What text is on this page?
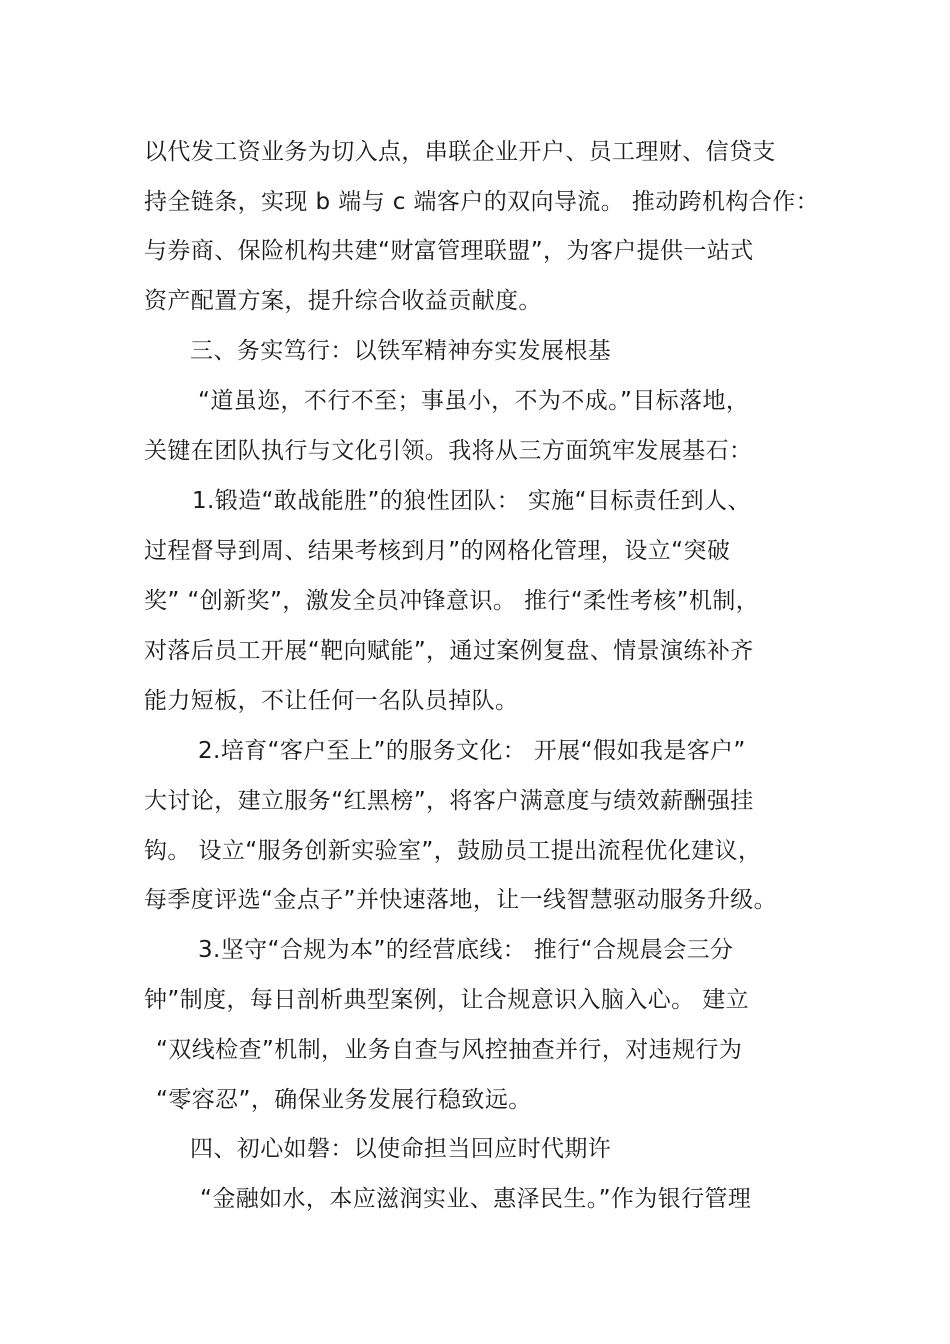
以代发工资业务为切入点，串联企业开户、员工理财、信贷支
持全链条，实现 b 端与 c 端客户的双向导流。 推动跨机构合作：
与券商、保险机构共建“财富管理联盟”，为客户提供一站式
资产配置方案，提升综合收益贡献度。
三、务实笃行：以铁军精神夯实发展根基
“道虽迩，不行不至；事虽小，不为不成。”目标落地，
关键在团队执行与文化引领。我将从三方面筑牢发展基石：
1.锻造“敢战能胜”的狼性团队： 实施“目标责任到人、
过程督导到周、结果考核到月”的网格化管理，设立“突破
奖” “创新奖”，激发全员冲锋意识。 推行“柔性考核”机制，
对落后员工开展“靶向赋能”，通过案例复盘、情景演练补齐
能力短板，不让任何一名队员掉队。
2.培育“客户至上”的服务文化： 开展“假如我是客户”
大讨论，建立服务“红黑榜”，将客户满意度与绩效薪酬强挂
钩。 设立“服务创新实验室”，鼓励员工提出流程优化建议，
每季度评选“金点子”并快速落地，让一线智慧驱动服务升级。
3.坚守“合规为本”的经营底线： 推行“合规晨会三分
钟”制度，每日剖析典型案例，让合规意识入脑入心。 建立
“双线检查”机制，业务自查与风控抽查并行，对违规行为
“零容忍”，确保业务发展行稳致远。
四、初心如磐：以使命担当回应时代期许
“金融如水，本应滋润实业、惠泽民生。”作为银行管理
